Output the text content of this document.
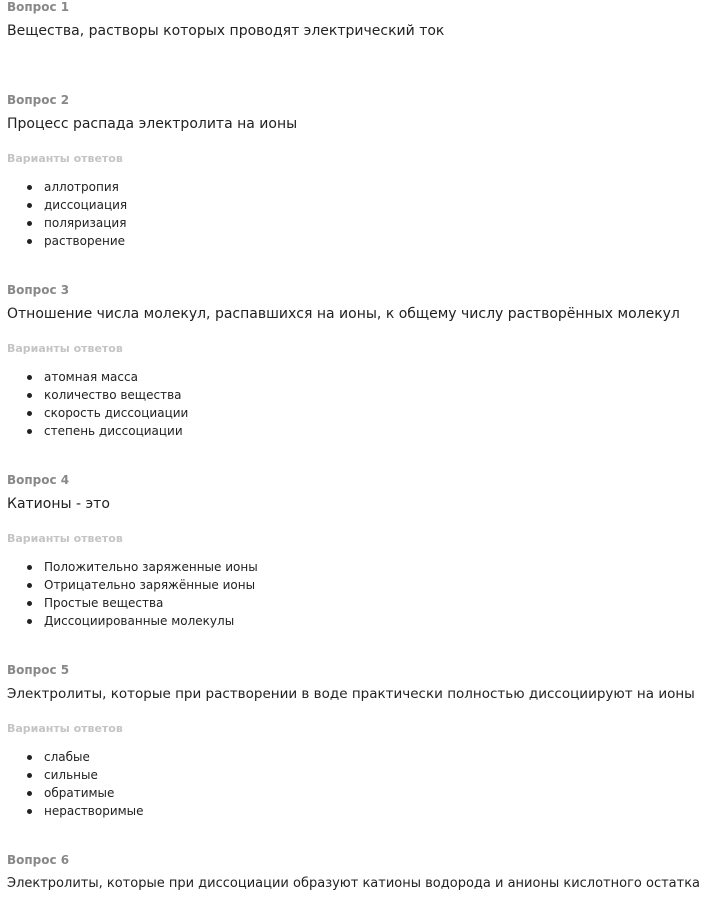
Вопрос 1
Вещества, растворы которых проводят электрический ток
Вопрос 2
Процесс распада электролита на ионы
Варианты ответов
аллотропия
диссоциация
поляризация
растворение
Вопрос 3
Отношение числа молекул, распавшихся на ионы, к общему числу растворённых молекул
Варианты ответов
атомная масса
количество вещества
скорость диссоциации
степень диссоциации
Вопрос 4
Катионы - это
Варианты ответов
Положительно заряженные ионы
Отрицательно заряжённые ионы
Простые вещества
Диссоциированные молекулы
Вопрос 5
Электролиты, которые при растворении в воде практически полностью диссоциируют на ионы
Варианты ответов
слабые
сильные
обратимые
нерастворимые
Вопрос 6
Электролиты, которые при диссоциации образуют катионы водорода и анионы кислотного остатка
